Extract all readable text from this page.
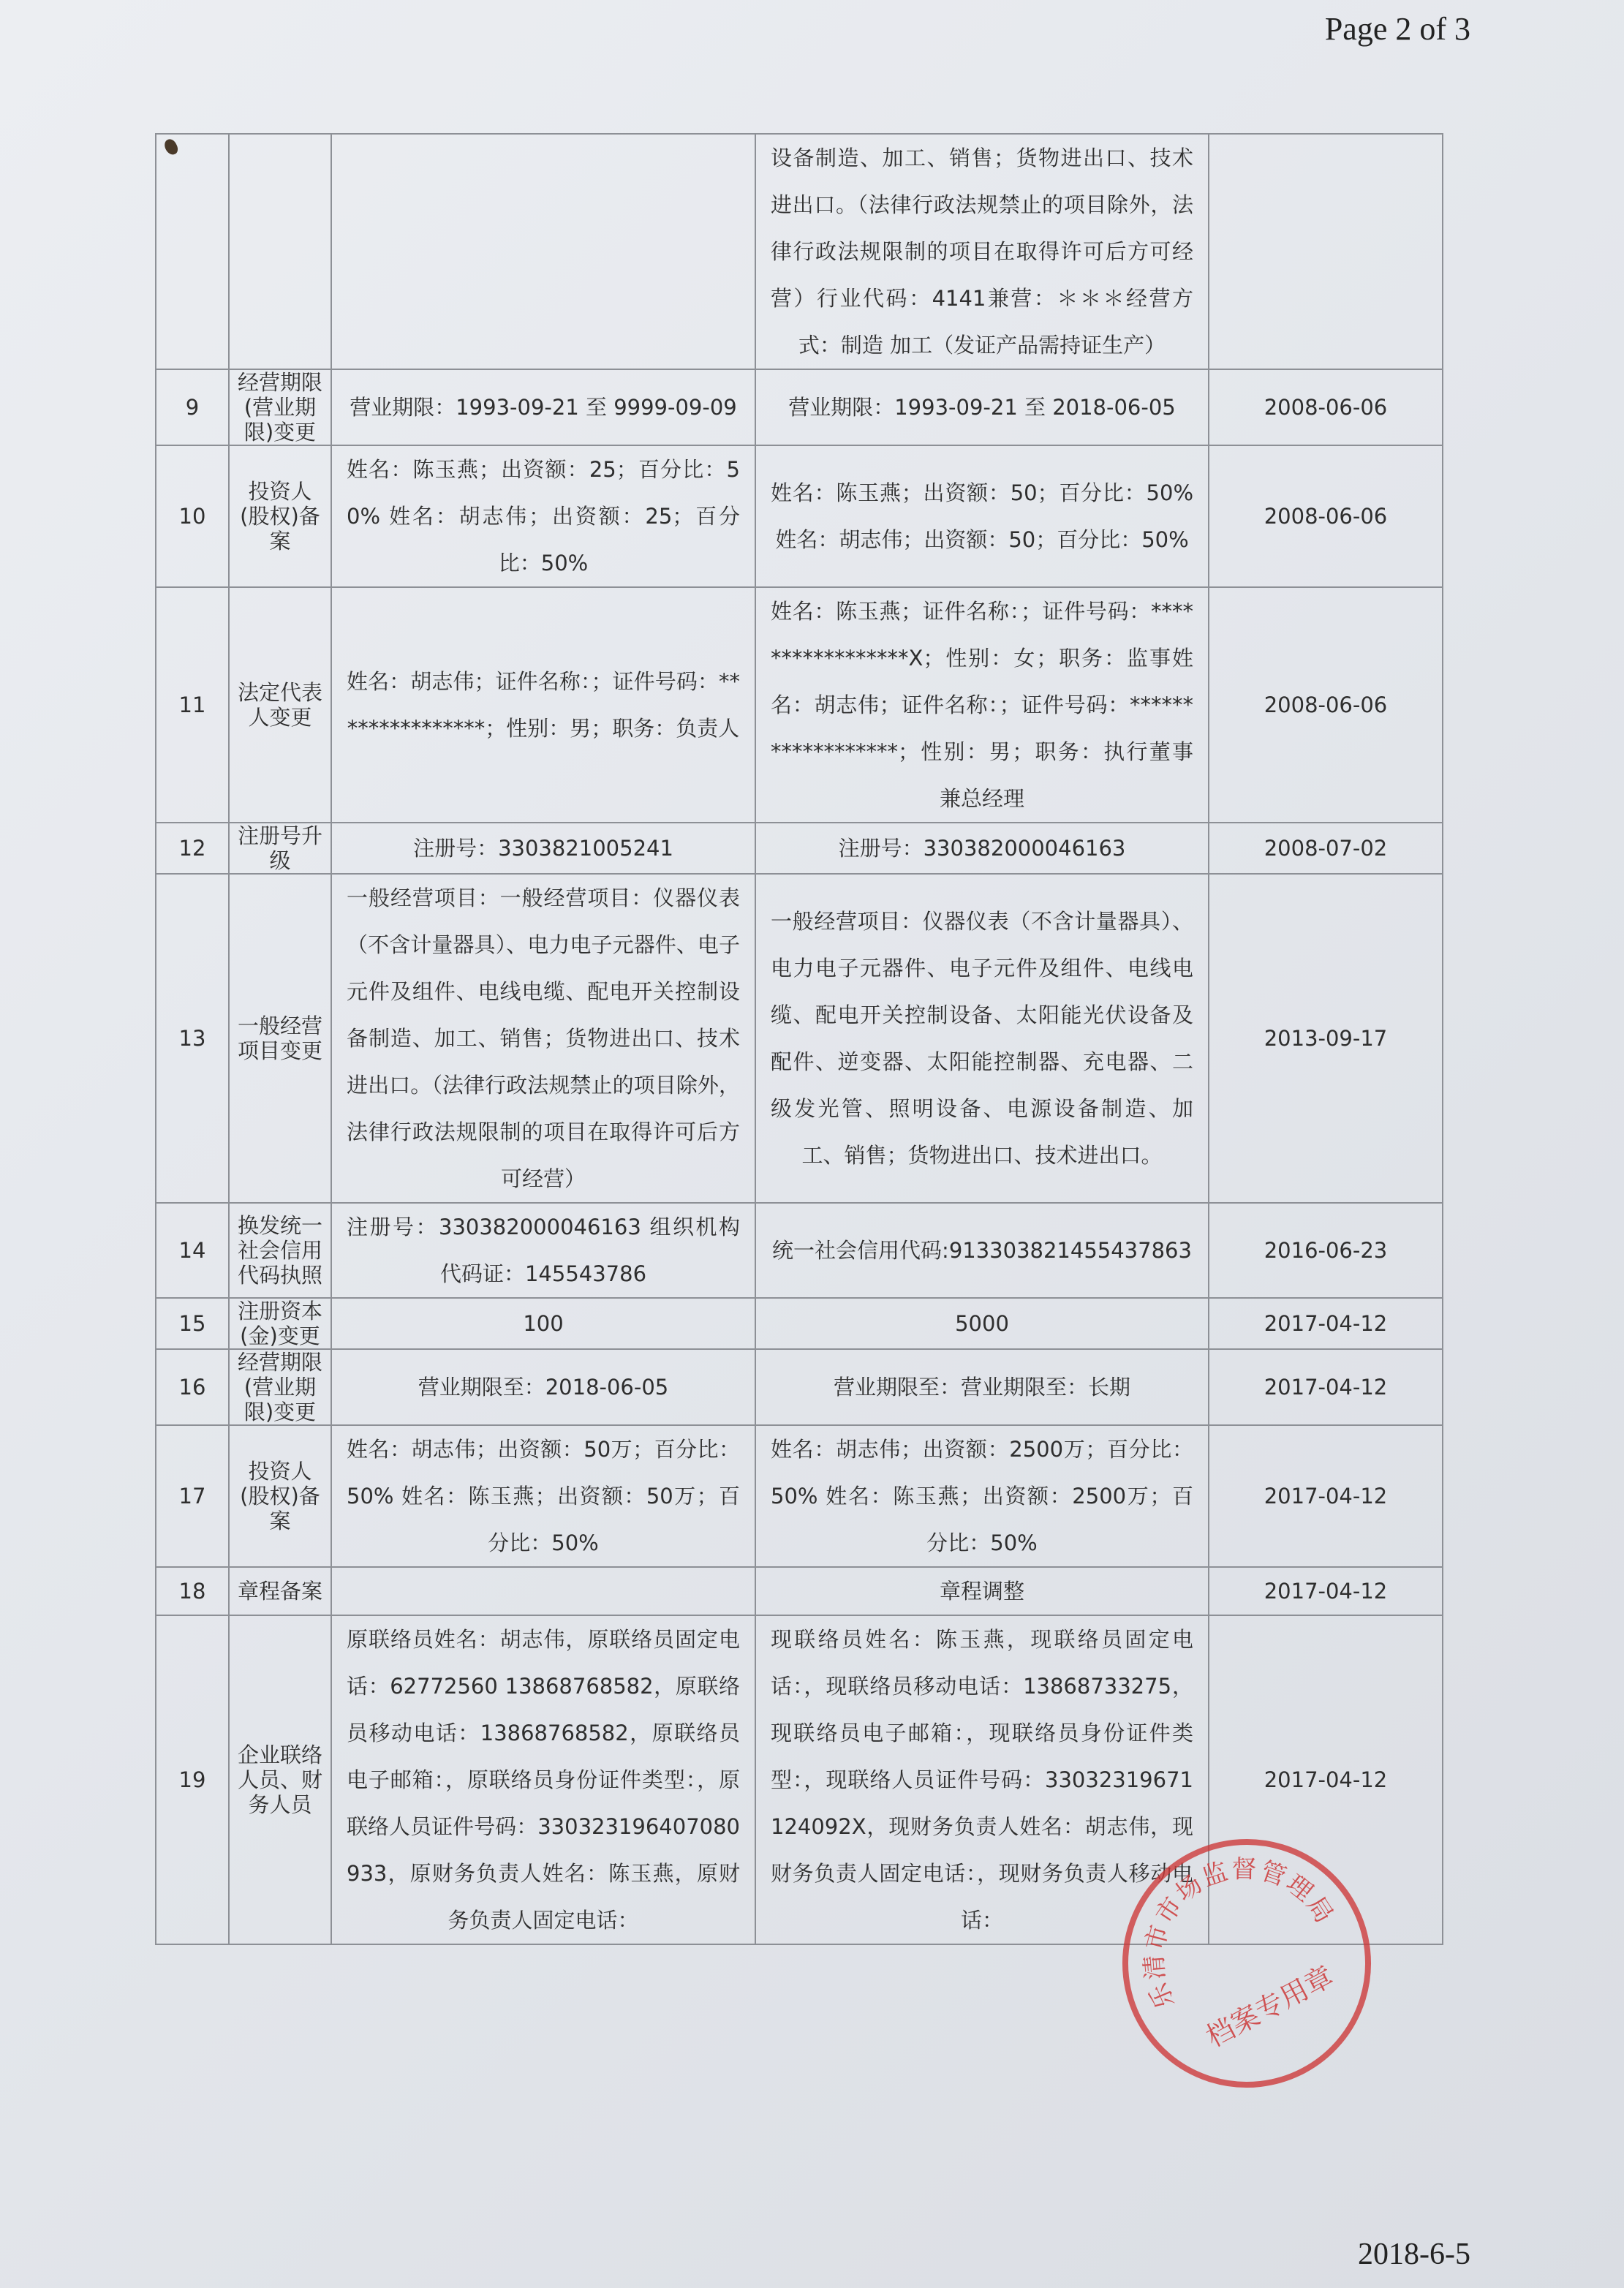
Page 2 of 3
			设备制造、加工、销售；货物进出口、技术进出口。（法律行政法规禁止的项目除外，法律行政法规限制的项目在取得许可后方可经营）行业代码：4141兼营：＊＊＊经营方式：制造 加工（发证产品需持证生产）	
9	经营期限(营业期限)变更	营业期限：1993-09-21 至 9999-09-09	营业期限：1993-09-21 至 2018-06-05	2008-06-06
10	投资人(股权)备案	姓名：陈玉燕；出资额：25；百分比：50% 姓名：胡志伟；出资额：25；百分比：50%	姓名：陈玉燕；出资额：50；百分比：50%姓名：胡志伟；出资额：50；百分比：50%	2008-06-06
11	法定代表人变更	姓名：胡志伟；证件名称：；证件号码：***************；性别：男；职务：负责人	姓名：陈玉燕；证件名称：；证件号码：*****************X；性别：女；职务：监事姓名：胡志伟；证件名称：；证件号码：******************；性别：男；职务：执行董事兼总经理	2008-06-06
12	注册号升级	注册号：3303821005241	注册号：330382000046163	2008-07-02
13	一般经营项目变更	一般经营项目：一般经营项目：仪器仪表（不含计量器具）、电力电子元器件、电子元件及组件、电线电缆、配电开关控制设备制造、加工、销售；货物进出口、技术进出口。（法律行政法规禁止的项目除外，法律行政法规限制的项目在取得许可后方可经营）	一般经营项目：仪器仪表（不含计量器具）、电力电子元器件、电子元件及组件、电线电缆、配电开关控制设备、太阳能光伏设备及配件、逆变器、太阳能控制器、充电器、二级发光管、照明设备、电源设备制造、加工、销售；货物进出口、技术进出口。	2013-09-17
14	换发统一社会信用代码执照	注册号：330382000046163 组织机构代码证：145543786	统一社会信用代码:913303821455437863	2016-06-23
15	注册资本(金)变更	100	5000	2017-04-12
16	经营期限(营业期限)变更	营业期限至：2018-06-05	营业期限至：营业期限至：长期	2017-04-12
17	投资人(股权)备案	姓名：胡志伟；出资额：50万；百分比：50% 姓名：陈玉燕；出资额：50万；百分比：50%	姓名：胡志伟；出资额：2500万；百分比：50% 姓名：陈玉燕；出资额：2500万；百分比：50%	2017-04-12
18	章程备案		章程调整	2017-04-12
19	企业联络人员、财务人员	原联络员姓名：胡志伟，原联络员固定电话：62772560 13868768582，原联络员移动电话：13868768582，原联络员电子邮箱：，原联络员身份证件类型：，原联络人员证件号码：330323196407080933，原财务负责人姓名：陈玉燕，原财务负责人固定电话：	现联络员姓名：陈玉燕，现联络员固定电话：，现联络员移动电话：13868733275，现联络员电子邮箱：，现联络员身份证件类型：，现联络人员证件号码：33032319671124092X，现财务负责人姓名：胡志伟，现财务负责人固定电话：，现财务负责人移动电话：	2017-04-12
乐清市市场监督管理局
档案专用章
2018-6-5
